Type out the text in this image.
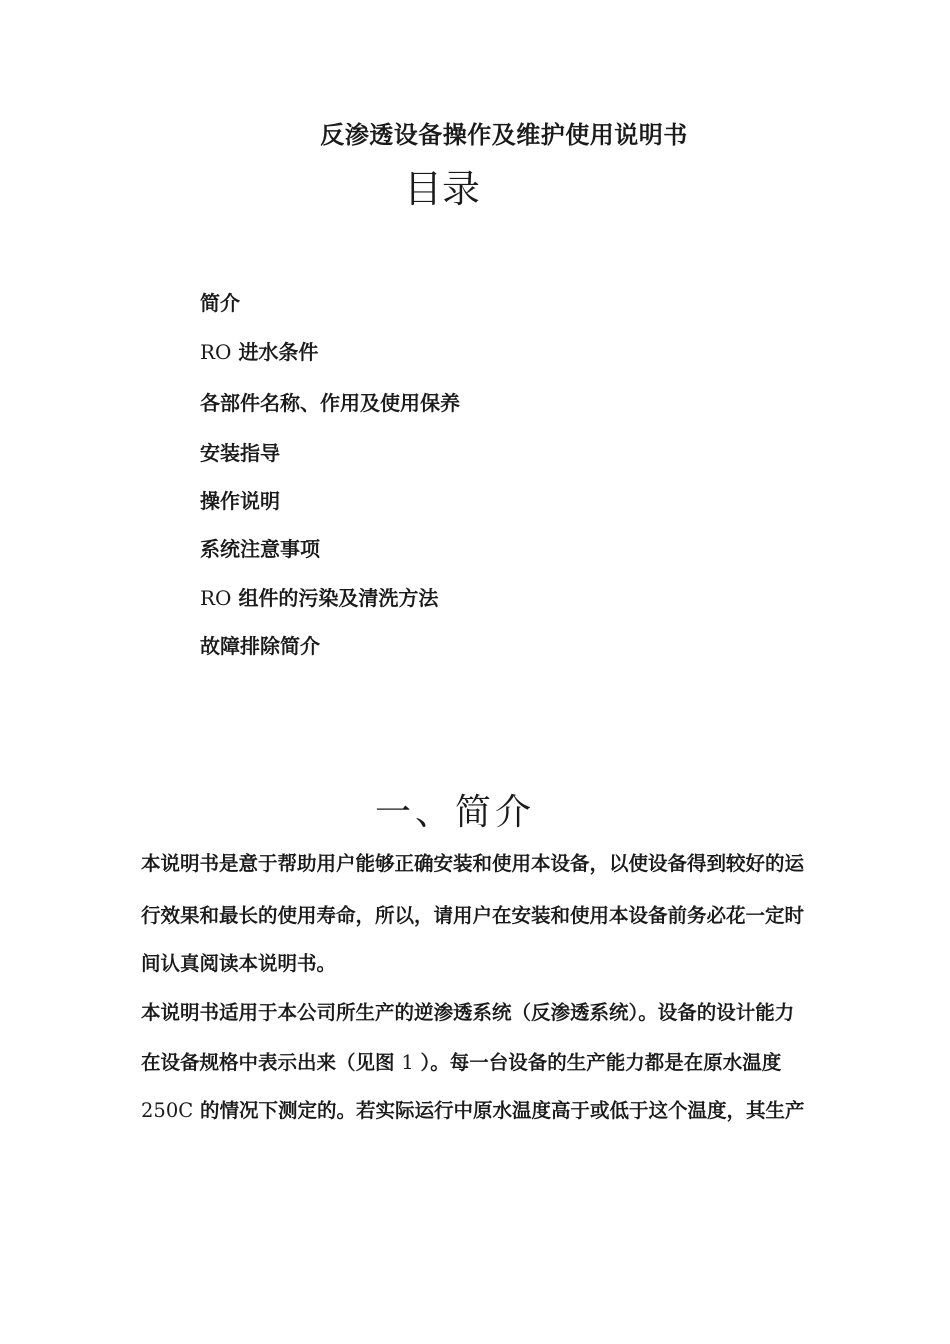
反渗透设备操作及维护使用说明书
目录
简介
RO 进水条件
各部件名称、作用及使用保养
安装指导
操作说明
系统注意事项
RO 组件的污染及清洗方法
故障排除简介
一、简介
本说明书是意于帮助用户能够正确安装和使用本设备，以使设备得到较好的运
行效果和最长的使用寿命，所以，请用户在安装和使用本设备前务必花一定时
间认真阅读本说明书。
本说明书适用于本公司所生产的逆渗透系统（反渗透系统）。设备的设计能力
在设备规格中表示出来（见图 1 ）。每一台设备的生产能力都是在原水温度
250C 的情况下测定的。若实际运行中原水温度高于或低于这个温度，其生产
